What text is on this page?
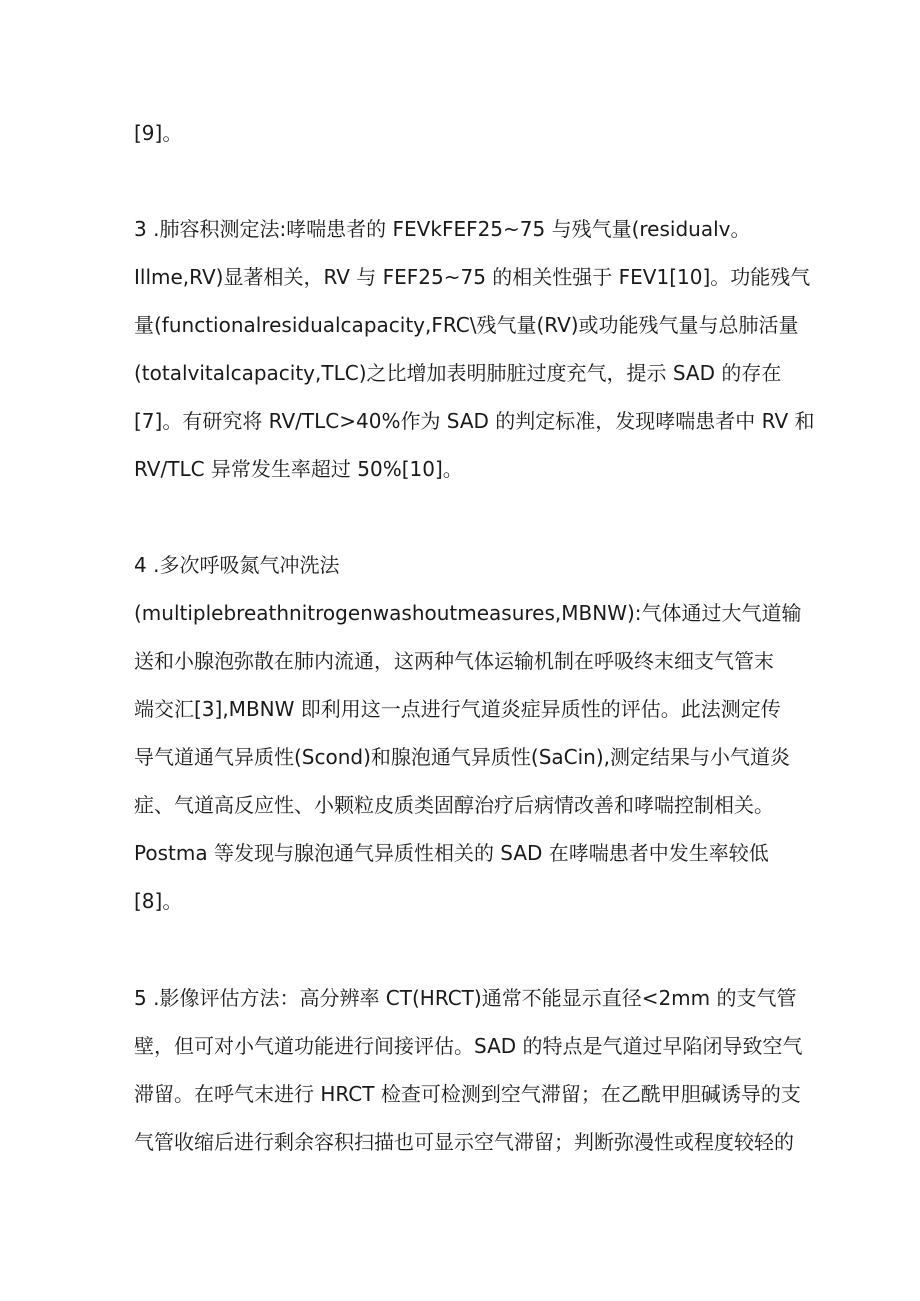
[9]。
3 .肺容积测定法:哮喘患者的 FEVkFEF25~75 与残气量(residualv。
Illme,RV)显著相关，RV 与 FEF25~75 的相关性强于 FEV1[10]。功能残气
量(functionalresidualcapacity,FRC\残气量(RV)或功能残气量与总肺活量
(totalvitalcapacity,TLC)之比增加表明肺脏过度充气，提示 SAD 的存在
[7]。有研究将 RV/TLC>40%作为 SAD 的判定标准，发现哮喘患者中 RV 和
RV/TLC 异常发生率超过 50%[10]。
4 .多次呼吸氮气冲洗法
(multiplebreathnitrogenwashoutmeasures,MBNW):气体通过大气道输
送和小腺泡弥散在肺内流通，这两种气体运输机制在呼吸终末细支气管末
端交汇[3],MBNW 即利用这一点进行气道炎症异质性的评估。此法测定传
导气道通气异质性(Scond)和腺泡通气异质性(SaCin),测定结果与小气道炎
症、气道高反应性、小颗粒皮质类固醇治疗后病情改善和哮喘控制相关。
Postma 等发现与腺泡通气异质性相关的 SAD 在哮喘患者中发生率较低
[8]。
5 .影像评估方法：高分辨率 CT(HRCT)通常不能显示直径<2mm 的支气管
壁，但可对小气道功能进行间接评估。SAD 的特点是气道过早陷闭导致空气
滞留。在呼气末进行 HRCT 检查可检测到空气滞留；在乙酰甲胆碱诱导的支
气管收缩后进行剩余容积扫描也可显示空气滞留；判断弥漫性或程度较轻的
